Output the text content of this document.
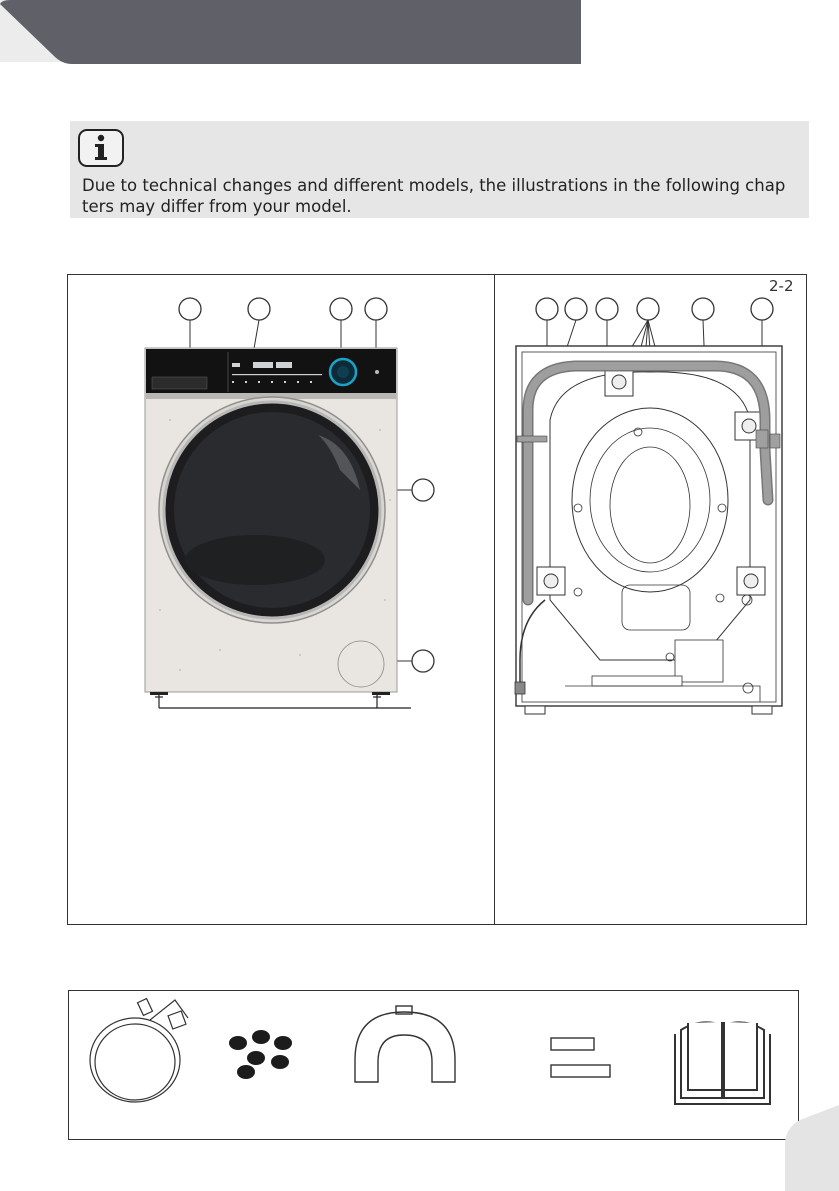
Due to technical changes and different models, the illustrations in the following chap
ters may differ from your model.
2-2
